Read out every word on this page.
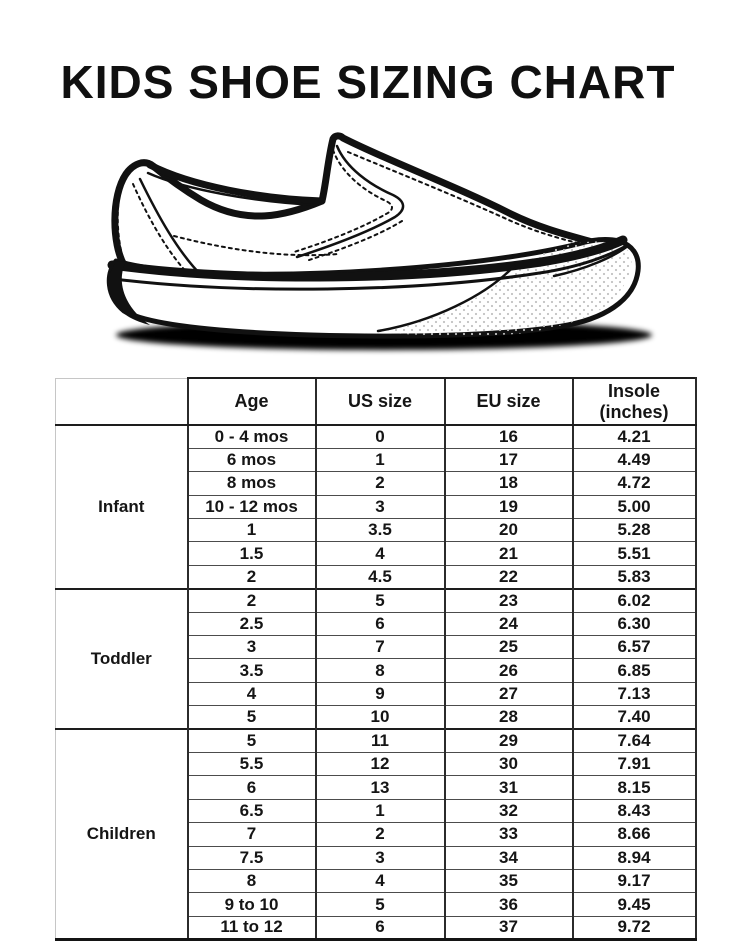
KIDS SHOE SIZING CHART
	Age	US size	EU size	Insole
(inches)

Infant	0 - 4 mos	0	16	4.21
	6 mos	1	17	4.49
	8 mos	2	18	4.72
	10 - 12 mos	3	19	5.00
	1	3.5	20	5.28
	1.5	4	21	5.51
	2	4.5	22	5.83
Toddler	2	5	23	6.02
	2.5	6	24	6.30
	3	7	25	6.57
	3.5	8	26	6.85
	4	9	27	7.13
	5	10	28	7.40
Children	5	11	29	7.64
	5.5	12	30	7.91
	6	13	31	8.15
	6.5	1	32	8.43
	7	2	33	8.66
	7.5	3	34	8.94
	8	4	35	9.17
	9 to 10	5	36	9.45
	11 to 12	6	37	9.72
